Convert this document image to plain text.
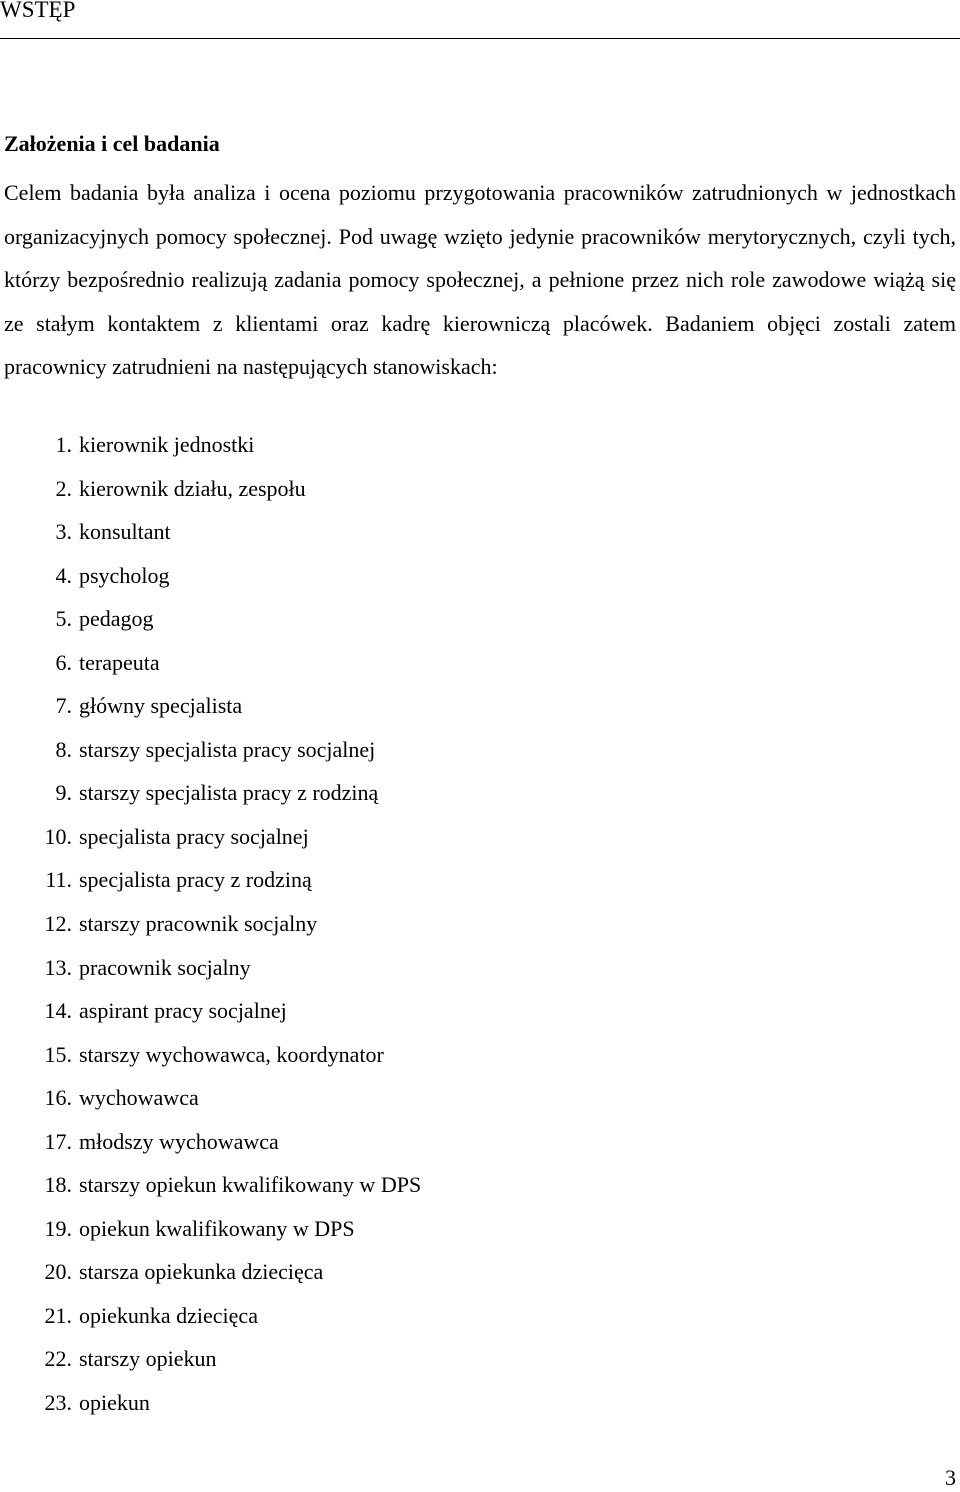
WSTĘP
Założenia i cel badania

Celem badania była analiza i ocena poziomu przygotowania pracowników zatrudnionych w jednostkach organizacyjnych pomocy społecznej. Pod uwagę wzięto jedynie pracowników merytorycznych, czyli tych, którzy bezpośrednio realizują zadania pomocy społecznej, a pełnione przez nich role zawodowe wiążą się ze stałym kontaktem z klientami oraz kadrę kierowniczą placówek. Badaniem objęci zostali zatem pracownicy zatrudnieni na następujących stanowiskach:

1. kierownik jednostki
2. kierownik działu, zespołu
3. konsultant
4. psycholog
5. pedagog
6. terapeuta
7. główny specjalista
8. starszy specjalista pracy socjalnej
9. starszy specjalista pracy z rodziną
10. specjalista pracy socjalnej
11. specjalista pracy z rodziną
12. starszy pracownik socjalny
13. pracownik socjalny
14. aspirant pracy socjalnej
15. starszy wychowawca, koordynator
16. wychowawca
17. młodszy wychowawca
18. starszy opiekun kwalifikowany w DPS
19. opiekun kwalifikowany w DPS
20. starsza opiekunka dziecięca
21. opiekunka dziecięca
22. starszy opiekun
23. opiekun
3
